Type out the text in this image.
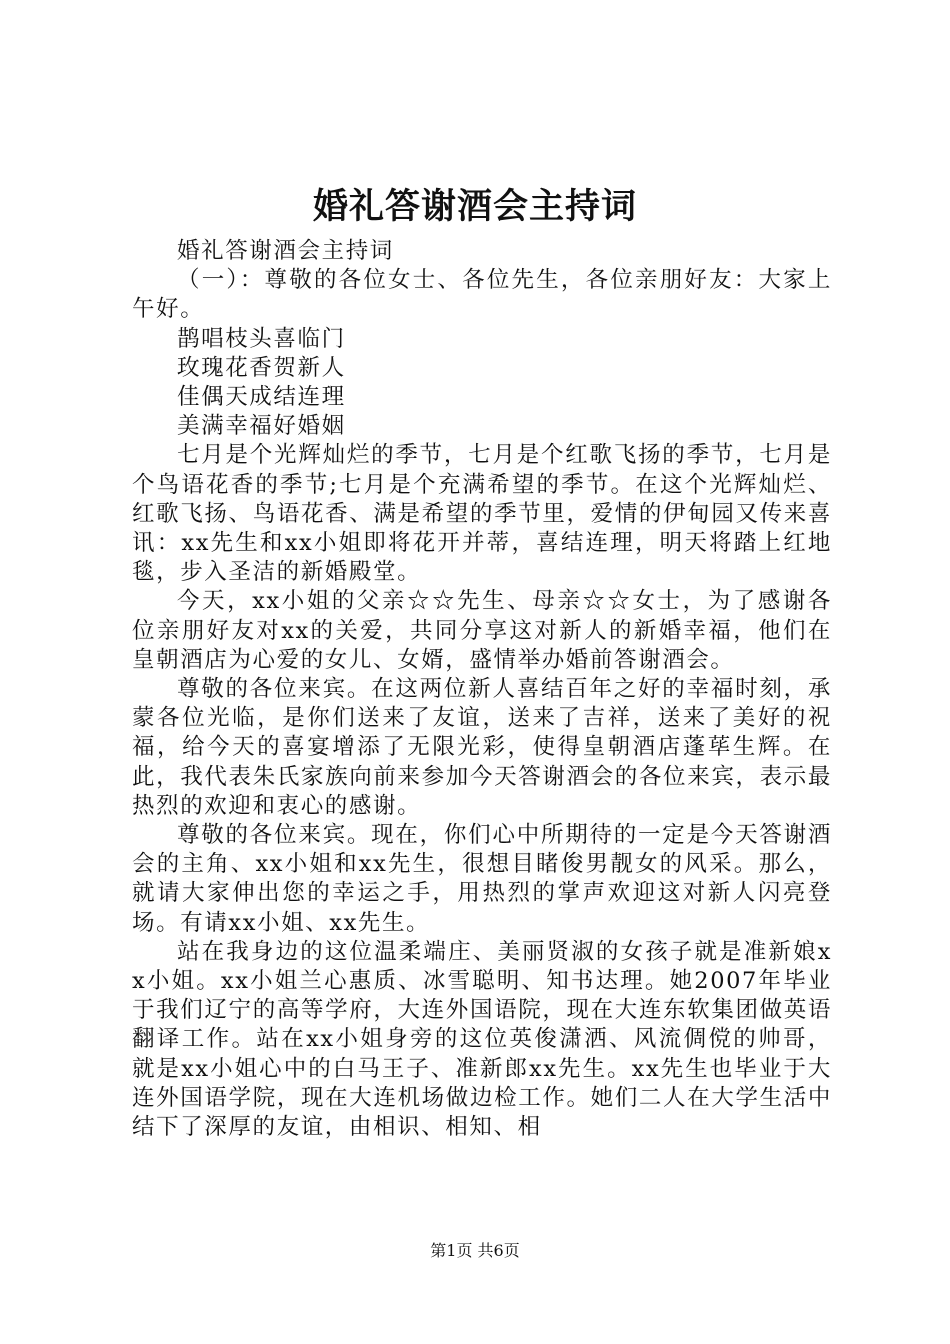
婚礼答谢酒会主持词

婚礼答谢酒会主持词

（一）：尊敬的各位女士、各位先生，各位亲朋好友：大家上午好。

鹊唱枝头喜临门

玫瑰花香贺新人

佳偶天成结连理

美满幸福好婚姻

七月是个光辉灿烂的季节，七月是个红歌飞扬的季节，七月是个鸟语花香的季节;七月是个充满希望的季节。在这个光辉灿烂、红歌飞扬、鸟语花香、满是希望的季节里，爱情的伊甸园又传来喜讯：xx先生和xx小姐即将花开并蒂，喜结连理，明天将踏上红地毯，步入圣洁的新婚殿堂。

今天，xx小姐的父亲☆☆先生、母亲☆☆女士，为了感谢各位亲朋好友对xx的关爱，共同分享这对新人的新婚幸福，他们在皇朝酒店为心爱的女儿、女婿，盛情举办婚前答谢酒会。

尊敬的各位来宾。在这两位新人喜结百年之好的幸福时刻，承蒙各位光临，是你们送来了友谊，送来了吉祥，送来了美好的祝福，给今天的喜宴增添了无限光彩，使得皇朝酒店蓬荜生辉。在此，我代表朱氏家族向前来参加今天答谢酒会的各位来宾，表示最热烈的欢迎和衷心的感谢。

尊敬的各位来宾。现在，你们心中所期待的一定是今天答谢酒会的主角、xx小姐和xx先生，很想目睹俊男靓女的风采。那么，就请大家伸出您的幸运之手，用热烈的掌声欢迎这对新人闪亮登场。有请xx小姐、xx先生。

站在我身边的这位温柔端庄、美丽贤淑的女孩子就是准新娘xx小姐。xx小姐兰心惠质、冰雪聪明、知书达理。她2007年毕业于我们辽宁的高等学府，大连外国语院，现在大连东软集团做英语翻译工作。站在xx小姐身旁的这位英俊潇洒、风流倜傥的帅哥，就是xx小姐心中的白马王子、准新郎xx先生。xx先生也毕业于大连外国语学院，现在大连机场做边检工作。她们二人在大学生活中结下了深厚的友谊，由相识、相知、相

第1页 共6页
